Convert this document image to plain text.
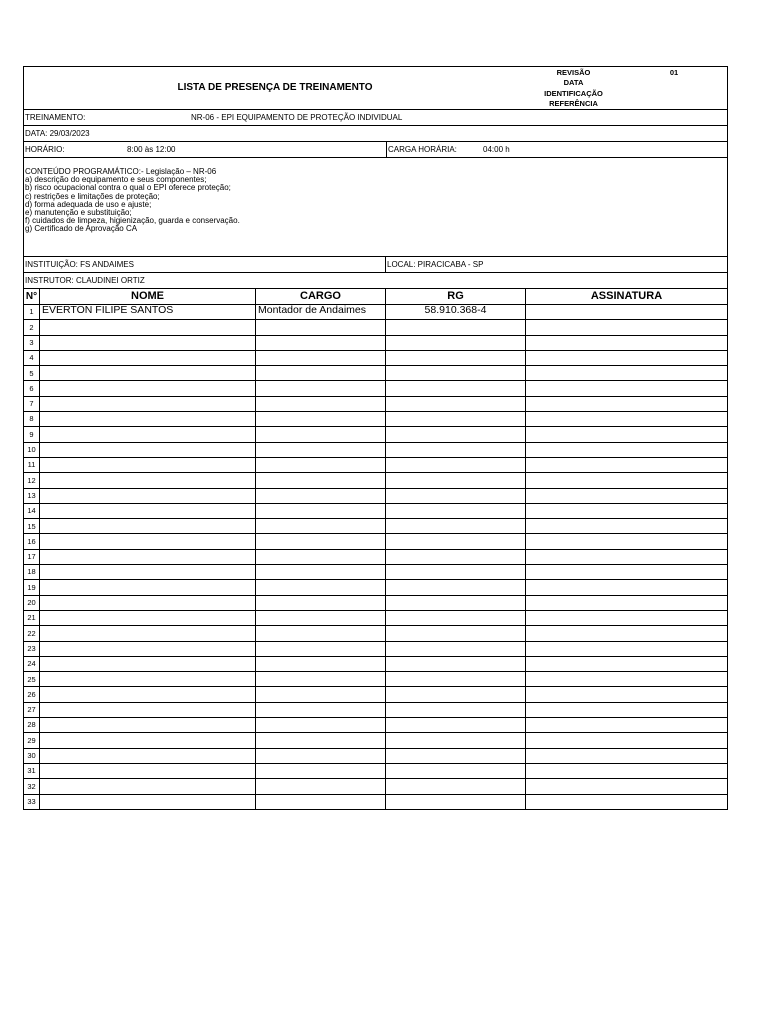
LISTA DE PRESENÇA DE TREINAMENTO	
REVISÃO	01
DATA	
IDENTIFICAÇÃO	
REFERÊNCIA	
TREINAMENTO:	NR-06 - EPI EQUIPAMENTO DE PROTEÇÃO INDIVIDUAL
DATA: 29/03/2023
HORÁRIO:	8:00 às 12:00	CARGA HORÁRIA:	04:00 h
CONTEÚDO PROGRAMÁTICO:- Legislação – NR-06
a) descrição do equipamento e seus componentes;
b) risco ocupacional contra o qual o EPI oferece proteção;
c) restrições e limitações de proteção;
d) forma adequada de uso e ajuste;
e) manutenção e substituição;
f) cuidados de limpeza, higienização, guarda e conservação.
g) Certificado de Aprovação CA
INSTITUIÇÃO: FS ANDAIMES	LOCAL: PIRACICABA - SP
INSTRUTOR: CLAUDINEI ORTIZ
N°	NOME	CARGO	RG	ASSINATURA
1	EVERTON FILIPE SANTOS	Montador de Andaimes	58.910.368-4	
2				
3				
4				
5				
6				
7				
8				
9				
10				
11				
12				
13				
14				
15				
16				
17				
18				
19				
20				
21				
22				
23				
24				
25				
26				
27				
28				
29				
30				
31				
32				
33				
